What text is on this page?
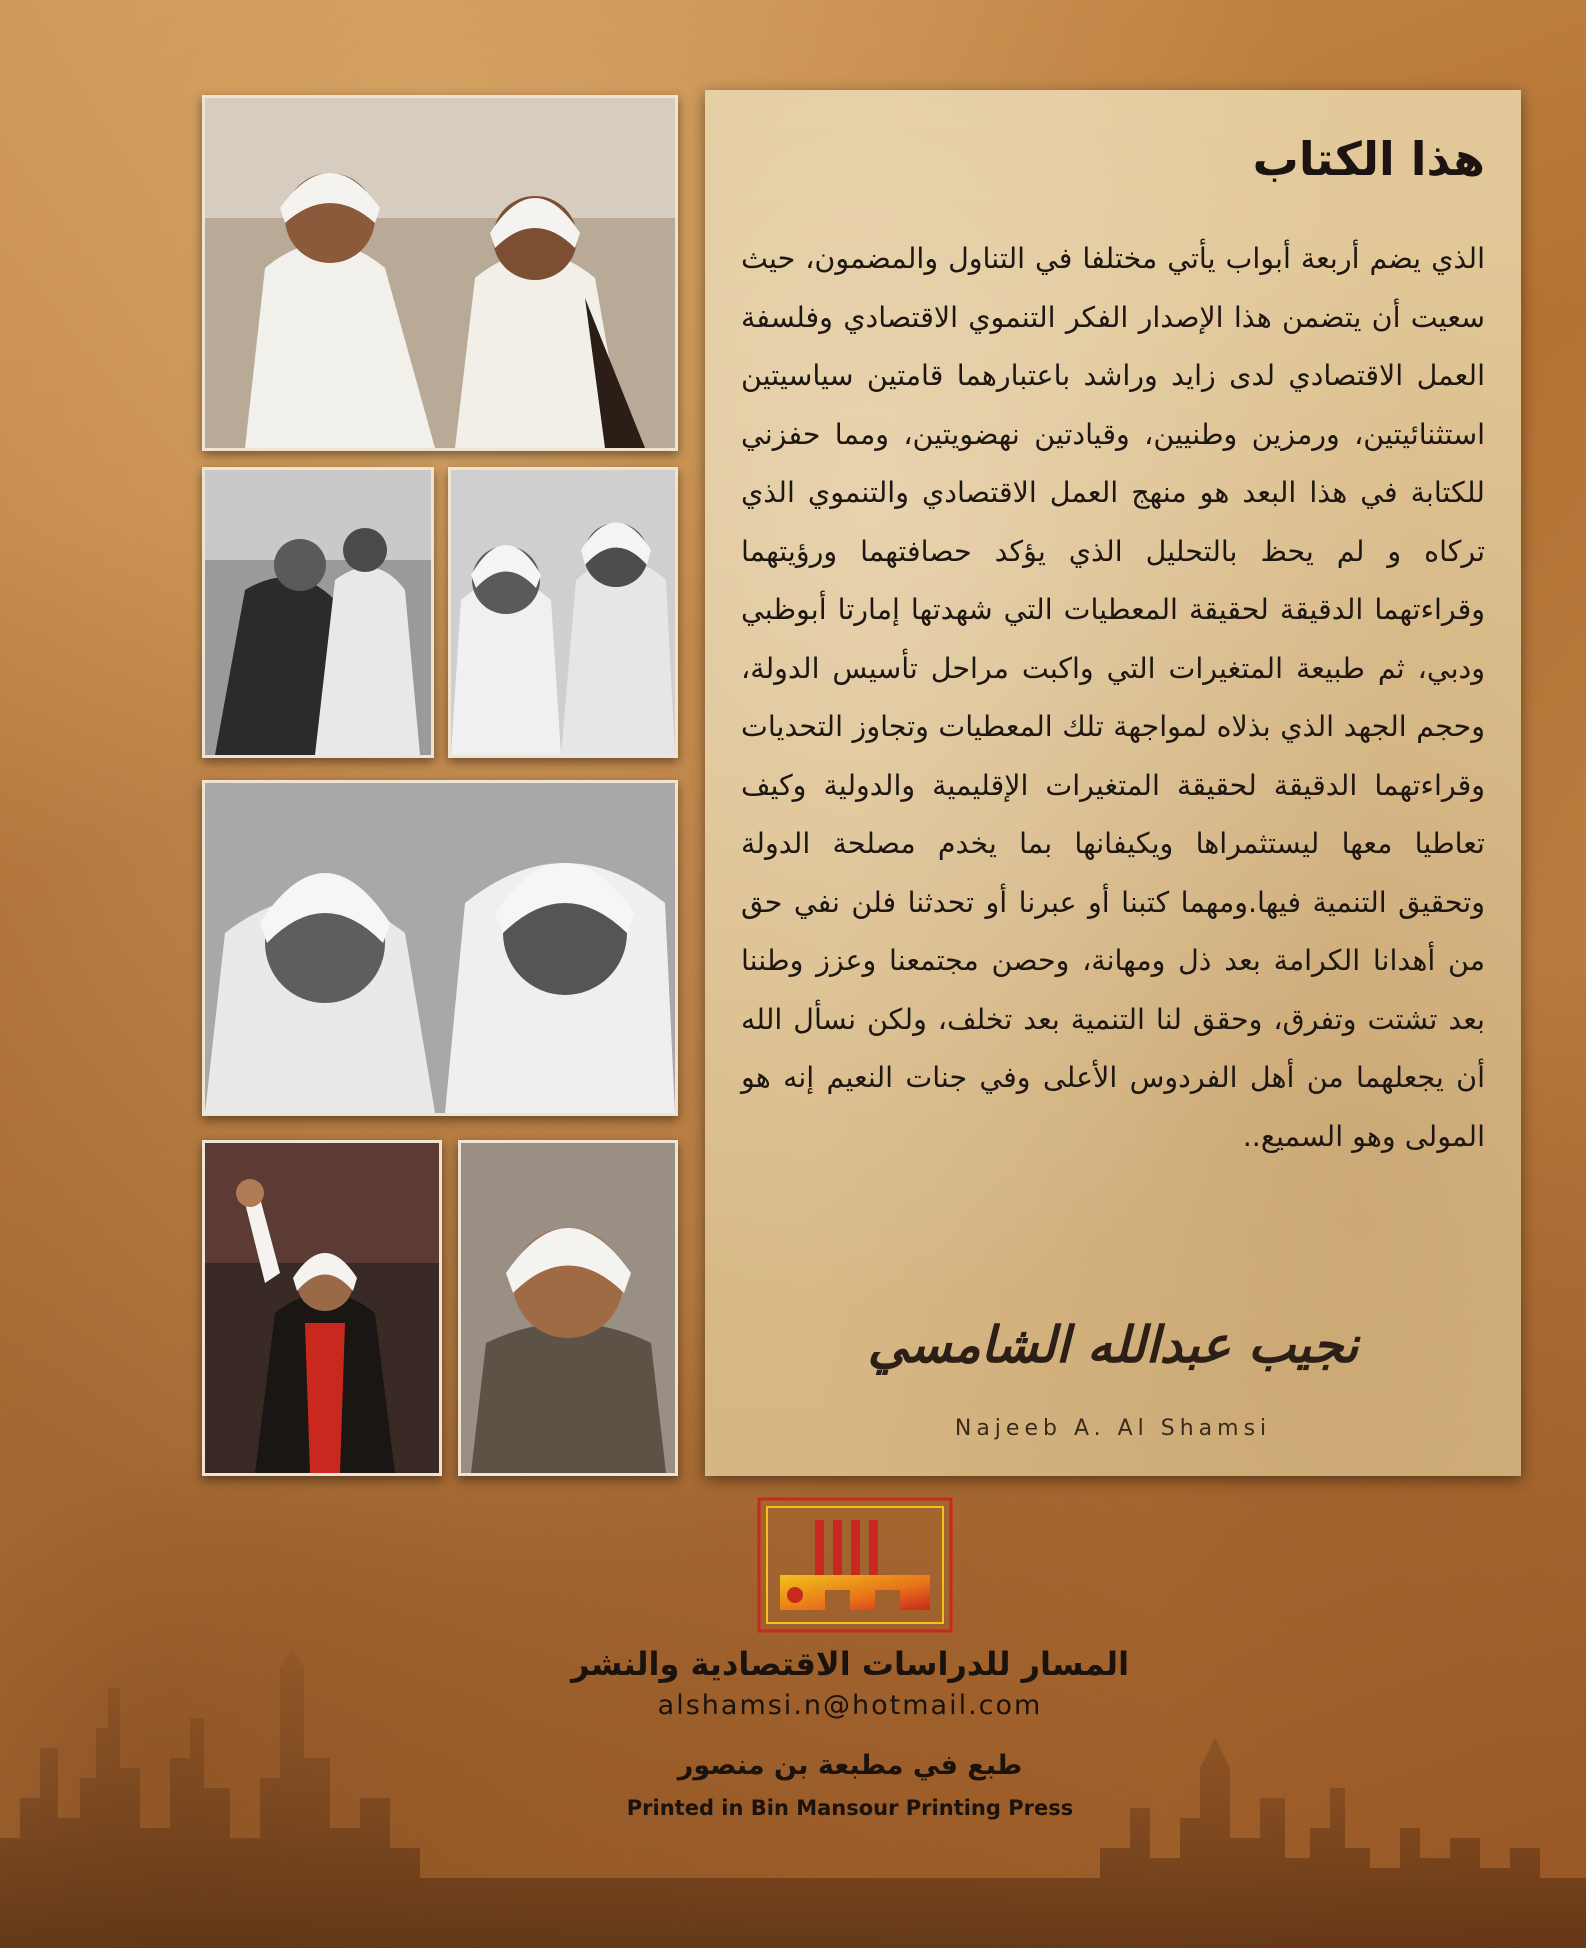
هذا الكتاب
الذي يضم أربعة أبواب يأتي مختلفا في التناول والمضمون، حيث سعيت أن يتضمن هذا الإصدار الفكر التنموي الاقتصادي وفلسفة العمل الاقتصادي لدى زايد وراشد باعتبارهما قامتين سياسيتين استثنائيتين، ورمزين وطنيين، وقيادتين نهضويتين، ومما حفزني للكتابة في هذا البعد هو منهج العمل الاقتصادي والتنموي الذي تركاه و لم يحظ بالتحليل الذي يؤكد حصافتهما ورؤيتهما وقراءتهما الدقيقة لحقيقة المعطيات التي شهدتها إمارتا أبوظبي ودبي، ثم طبيعة المتغيرات التي واكبت مراحل تأسيس الدولة، وحجم الجهد الذي بذلاه لمواجهة تلك المعطيات وتجاوز التحديات وقراءتهما الدقيقة لحقيقة المتغيرات الإقليمية والدولية وكيف تعاطيا معها ليستثمراها ويكيفانها بما يخدم مصلحة الدولة وتحقيق التنمية فيها.ومهما كتبنا أو عبرنا أو تحدثنا فلن نفي حق من أهدانا الكرامة بعد ذل ومهانة، وحصن مجتمعنا وعزز وطننا بعد تشتت وتفرق، وحقق لنا التنمية بعد تخلف، ولكن نسأل الله أن يجعلهما من أهل الفردوس الأعلى وفي جنات النعيم إنه هو المولى وهو السميع..
نجيب عبدالله الشامسي
Najeeb A. Al Shamsi
المسار للدراسات الاقتصادية والنشر
alshamsi.n@hotmail.com
طبع في مطبعة بن منصور
Printed in Bin Mansour Printing Press
